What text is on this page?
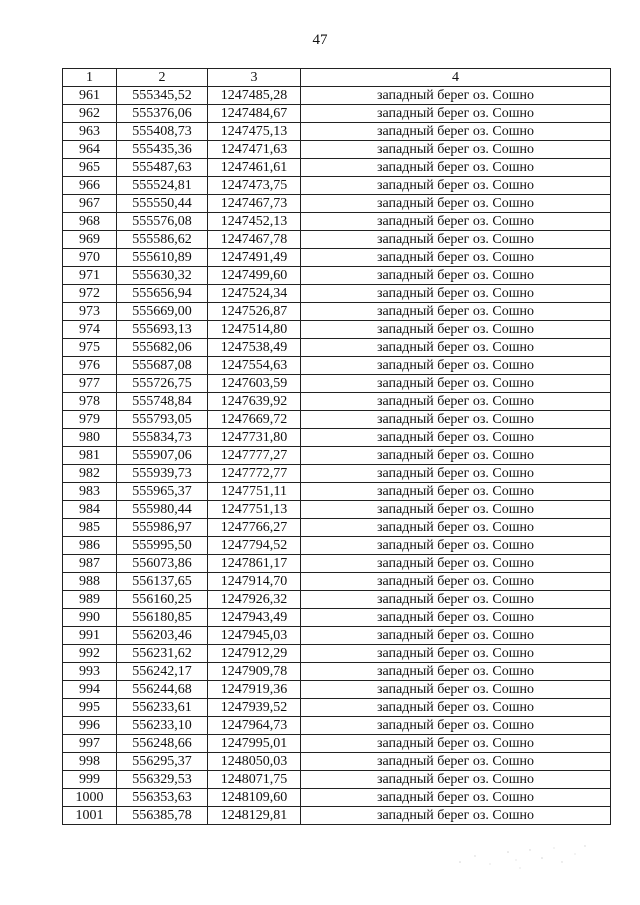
47
1	2	3	4
961	555345,52	1247485,28	западный берег оз. Сошно
962	555376,06	1247484,67	западный берег оз. Сошно
963	555408,73	1247475,13	западный берег оз. Сошно
964	555435,36	1247471,63	западный берег оз. Сошно
965	555487,63	1247461,61	западный берег оз. Сошно
966	555524,81	1247473,75	западный берег оз. Сошно
967	555550,44	1247467,73	западный берег оз. Сошно
968	555576,08	1247452,13	западный берег оз. Сошно
969	555586,62	1247467,78	западный берег оз. Сошно
970	555610,89	1247491,49	западный берег оз. Сошно
971	555630,32	1247499,60	западный берег оз. Сошно
972	555656,94	1247524,34	западный берег оз. Сошно
973	555669,00	1247526,87	западный берег оз. Сошно
974	555693,13	1247514,80	западный берег оз. Сошно
975	555682,06	1247538,49	западный берег оз. Сошно
976	555687,08	1247554,63	западный берег оз. Сошно
977	555726,75	1247603,59	западный берег оз. Сошно
978	555748,84	1247639,92	западный берег оз. Сошно
979	555793,05	1247669,72	западный берег оз. Сошно
980	555834,73	1247731,80	западный берег оз. Сошно
981	555907,06	1247777,27	западный берег оз. Сошно
982	555939,73	1247772,77	западный берег оз. Сошно
983	555965,37	1247751,11	западный берег оз. Сошно
984	555980,44	1247751,13	западный берег оз. Сошно
985	555986,97	1247766,27	западный берег оз. Сошно
986	555995,50	1247794,52	западный берег оз. Сошно
987	556073,86	1247861,17	западный берег оз. Сошно
988	556137,65	1247914,70	западный берег оз. Сошно
989	556160,25	1247926,32	западный берег оз. Сошно
990	556180,85	1247943,49	западный берег оз. Сошно
991	556203,46	1247945,03	западный берег оз. Сошно
992	556231,62	1247912,29	западный берег оз. Сошно
993	556242,17	1247909,78	западный берег оз. Сошно
994	556244,68	1247919,36	западный берег оз. Сошно
995	556233,61	1247939,52	западный берег оз. Сошно
996	556233,10	1247964,73	западный берег оз. Сошно
997	556248,66	1247995,01	западный берег оз. Сошно
998	556295,37	1248050,03	западный берег оз. Сошно
999	556329,53	1248071,75	западный берег оз. Сошно
1000	556353,63	1248109,60	западный берег оз. Сошно
1001	556385,78	1248129,81	западный берег оз. Сошно
